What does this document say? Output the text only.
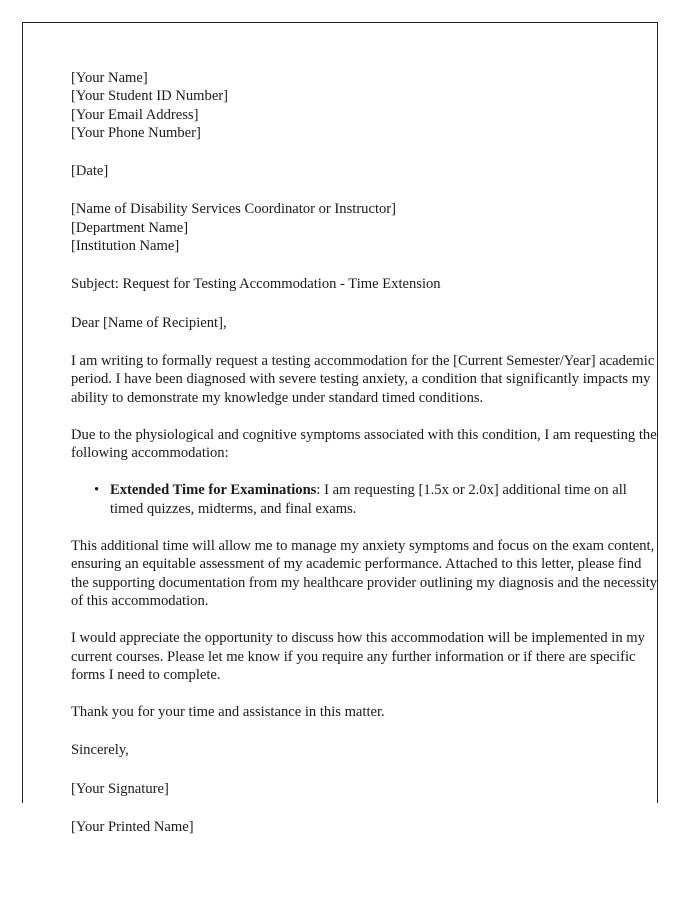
[Your Name]
[Your Student ID Number]
[Your Email Address]
[Your Phone Number]

[Date]

[Name of Disability Services Coordinator or Instructor]
[Department Name]
[Institution Name]

Subject: Request for Testing Accommodation - Time Extension

Dear [Name of Recipient],

I am writing to formally request a testing accommodation for the [Current Semester/Year] academic period. I have been diagnosed with severe testing anxiety, a condition that significantly impacts my ability to demonstrate my knowledge under standard timed conditions.

Due to the physiological and cognitive symptoms associated with this condition, I am requesting the following accommodation:

• Extended Time for Examinations: I am requesting [1.5x or 2.0x] additional time on all timed quizzes, midterms, and final exams.

This additional time will allow me to manage my anxiety symptoms and focus on the exam content, ensuring an equitable assessment of my academic performance. Attached to this letter, please find the supporting documentation from my healthcare provider outlining my diagnosis and the necessity of this accommodation.

I would appreciate the opportunity to discuss how this accommodation will be implemented in my current courses. Please let me know if you require any further information or if there are specific forms I need to complete.

Thank you for your time and assistance in this matter.

Sincerely,

[Your Signature]

[Your Printed Name]
